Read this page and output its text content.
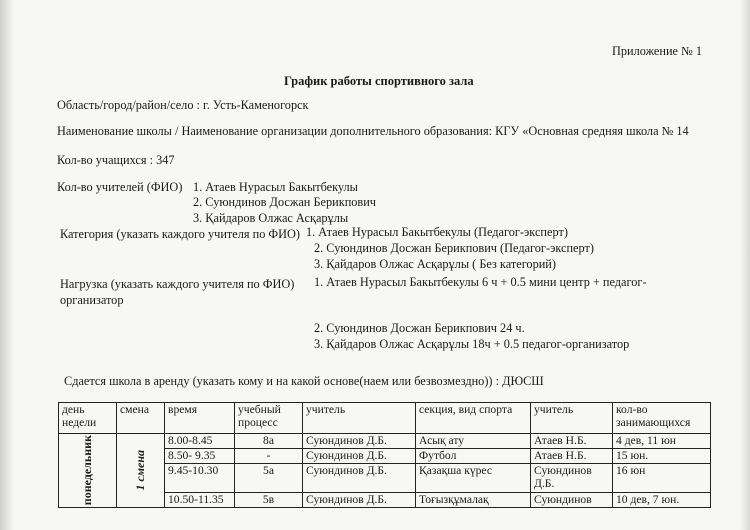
Приложение № 1
График работы спортивного зала
Область/город/район/село : г. Усть-Каменогорск
Наименование школы / Наименование организации дополнительного образования: КГУ «Основная средняя школа № 14
Кол-во учащихся : 347
Кол-во учителей (ФИО) 1. Атаев Нурасыл Бакытбекулы
2. Суюндинов Досжан Берикпович
3. Қайдаров Олжас Асқарұлы
Категория (указать каждого учителя по ФИО) 1. Атаев Нурасыл Бакытбекулы (Педагог-эксперт)
2. Суюндинов Досжан Берикпович (Педагог-эксперт)
3. Қайдаров Олжас Асқарұлы ( Без категорий)
Нагрузка (указать каждого учителя по ФИО) 1. Атаев Нурасыл Бакытбекулы 6 ч + 0.5 мини центр + педагог-
организатор
2. Суюндинов Досжан Берикпович 24 ч.
3. Қайдаров Олжас Асқарұлы 18ч + 0.5 педагог-организатор
Сдается школа в аренду (указать кому и на какой основе(наем или безвозмездно)) : ДЮСШ
день недели	смена	время	учебный процесс	учитель	секция, вид спорта	учитель	кол-во занимающихся

понедельник	1 смена	8.00-8.45	8а	Суюндинов Д.Б.	Асық ату	Атаев Н.Б.	4 дев, 11 юн
		8.50- 9.35	-	Суюндинов Д.Б.	Футбол	Атаев Н.Б.	15 юн.
		9.45-10.30	5а	Суюндинов Д.Б.	Қазақша күрес	Суюндинов Д.Б.	16 юн
		10.50-11.35	5в	Суюндинов Д.Б.	Тоғызқұмалақ	Суюндинов	10 дев, 7 юн.
